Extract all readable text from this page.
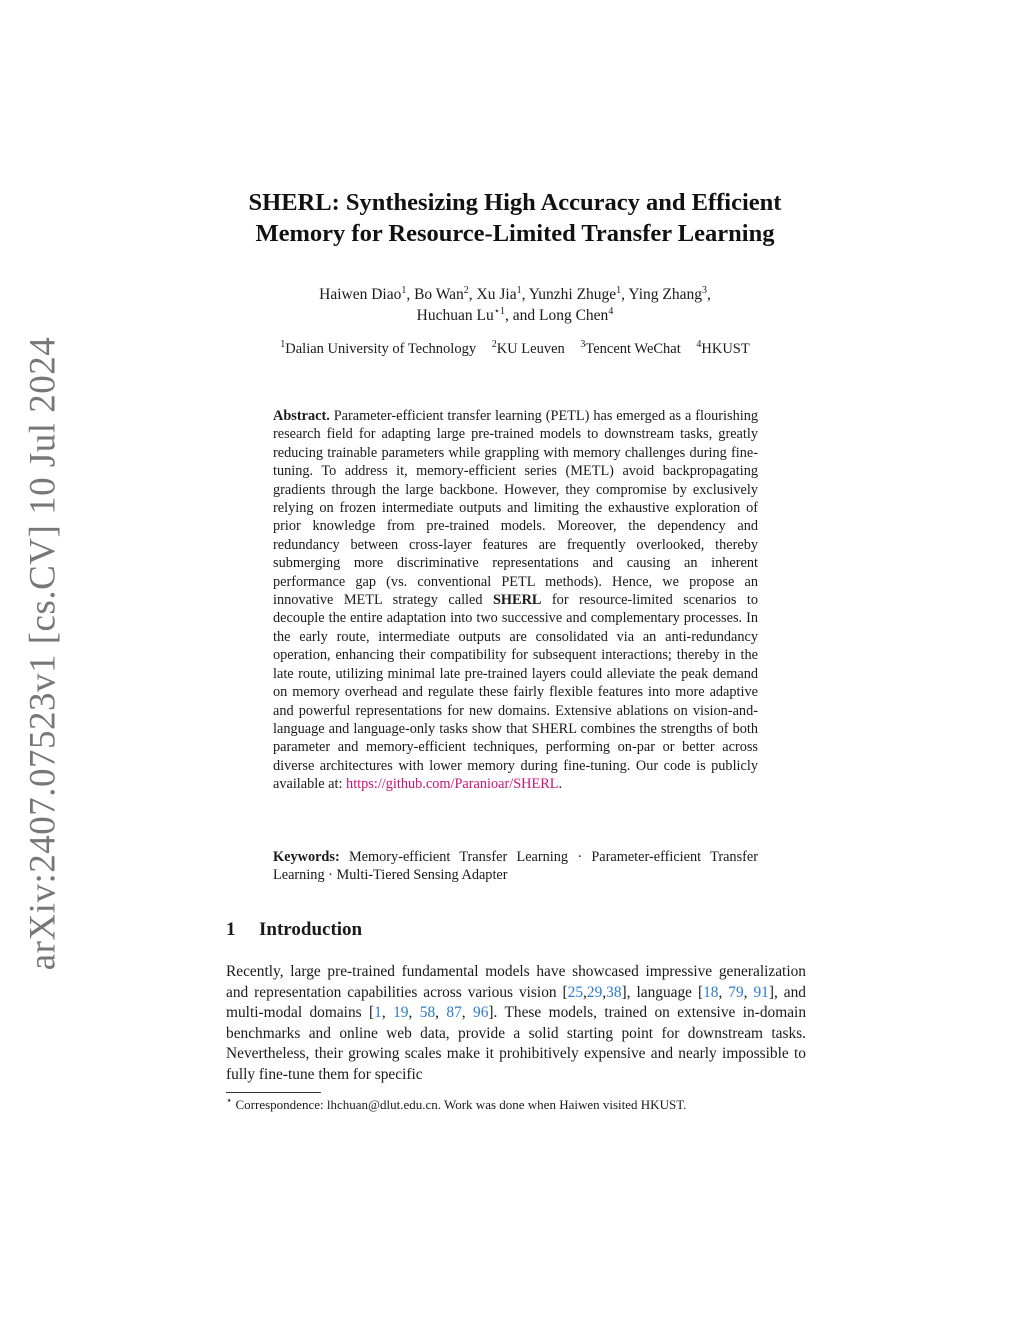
arXiv:2407.07523v1 [cs.CV] 10 Jul 2024
SHERL: Synthesizing High Accuracy and Efficient
Memory for Resource-Limited Transfer Learning
Haiwen Diao$^1$, Bo Wan$^2$, Xu Jia$^1$, Yunzhi Zhuge$^1$, Ying Zhang$^3$,
Huchuan $Lu^{⋆1}$, and Long Chen$^4$
$^1$Dalian University of Technology $^2$KU Leuven $^3$Tencent WeChat $^4$HKUST
Abstract. Parameter-efficient transfer learning (PETL) has emerged as a flourishing research field for adapting large pre-trained models to downstream tasks, greatly reducing trainable parameters while grappling with memory challenges during fine-tuning. To address it, memory-efficient series (METL) avoid backpropagating gradients through the large backbone. However, they compromise by exclusively relying on frozen intermediate outputs and limiting the exhaustive exploration of prior knowledge from pre-trained models. Moreover, the dependency and redundancy between cross-layer features are frequently overlooked, thereby submerging more discriminative representations and causing an inherent performance gap (vs. conventional PETL methods). Hence, we propose an innovative METL strategy called SHERL for resource-limited scenarios to decouple the entire adaptation into two successive and complementary processes. In the early route, intermediate outputs are consolidated via an anti-redundancy operation, enhancing their compatibility for subsequent interactions; thereby in the late route, utilizing minimal late pre-trained layers could alleviate the peak demand on memory overhead and regulate these fairly flexible features into more adaptive and powerful representations for new domains. Extensive ablations on vision-and-language and language-only tasks show that SHERL combines the strengths of both parameter and memory-efficient techniques, performing on-par or better across diverse architectures with lower memory during fine-tuning. Our code is publicly available at: https://github.com/Paranioar/SHERL.
Keywords: Memory-efficient Transfer Learning · Parameter-efficient Transfer Learning · Multi-Tiered Sensing Adapter
1 Introduction
Recently, large pre-trained fundamental models have showcased impressive generalization and representation capabilities across various vision [25,29,38], language [18, 79, 91], and multi-modal domains [1, 19, 58, 87, 96]. These models, trained on extensive in-domain benchmarks and online web data, provide a solid starting point for downstream tasks. Nevertheless, their growing scales make it prohibitively expensive and nearly impossible to fully fine-tune them for specific
⋆ Correspondence: lhchuan@dlut.edu.cn. Work was done when Haiwen visited HKUST.
